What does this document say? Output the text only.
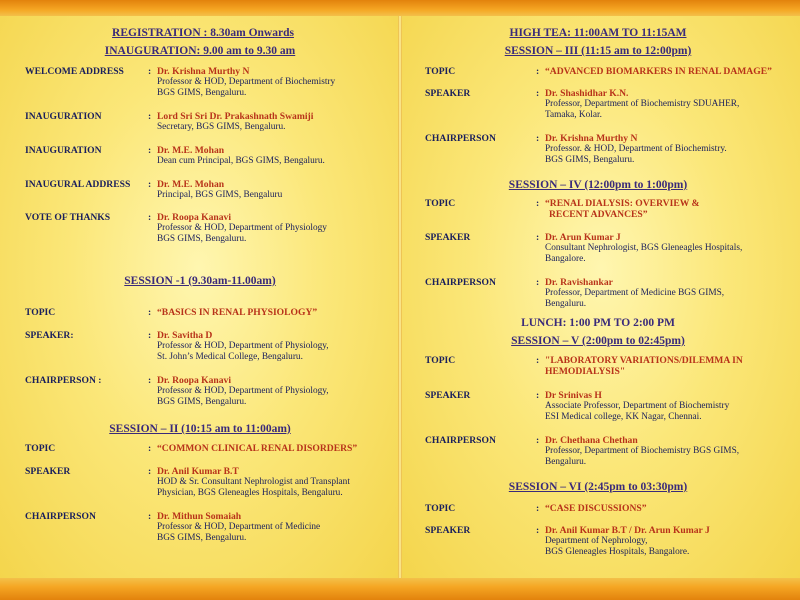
REGISTRATION : 8.30am Onwards
INAUGURATION: 9.00 am to 9.30 am
WELCOME ADDRESS	: Dr. Krishna Murthy N
Professor & HOD, Department of Biochemistry
BGS GIMS, Bengaluru.
INAUGURATION	: Lord Sri Sri Dr. Prakashnath Swamiji
Secretary, BGS GIMS, Bengaluru.
INAUGURATION	: Dr. M.E. Mohan
Dean cum Principal, BGS GIMS, Bengaluru.
INAUGURAL ADDRESS : Dr. M.E. Mohan
Principal, BGS GIMS, Bengaluru
VOTE OF THANKS	: Dr. Roopa Kanavi
Professor & HOD, Department of Physiology
BGS GIMS, Bengaluru.
SESSION -1 (9.30am-11.00am)
TOPIC	: “BASICS IN RENAL PHYSIOLOGY”
SPEAKER:	: Dr. Savitha D
Professor & HOD, Department of Physiology,
St. John’s Medical College, Bengaluru.
CHAIRPERSON :	: Dr. Roopa Kanavi
Professor & HOD, Department of Physiology,
BGS GIMS, Bengaluru.
SESSION – II (10:15 am to 11:00am)
TOPIC	: “COMMON CLINICAL RENAL DISORDERS”
SPEAKER	: Dr. Anil Kumar B.T
HOD & Sr. Consultant Nephrologist and Transplant
Physician, BGS Gleneagles Hospitals, Bengaluru.
CHAIRPERSON	: Dr. Mithun Somaiah
Professor & HOD, Department of Medicine
BGS GIMS, Bengaluru.
HIGH TEA: 11:00AM TO 11:15AM
SESSION – III (11:15 am to 12:00pm)
TOPIC	: “ADVANCED BIOMARKERS IN RENAL DAMAGE”
SPEAKER	: Dr. Shashidhar K.N.
Professor, Department of Biochemistry SDUAHER,
Tamaka, Kolar.
CHAIRPERSON	: Dr. Krishna Murthy N
Professor. & HOD, Department of Biochemistry.
BGS GIMS, Bengaluru.
SESSION – IV (12:00pm to 1:00pm)
TOPIC	: “RENAL DIALYSIS: OVERVIEW &
RECENT ADVANCES”
SPEAKER	: Dr. Arun Kumar J
Consultant Nephrologist, BGS Gleneagles Hospitals,
Bangalore.
CHAIRPERSON	: Dr. Ravishankar
Professor, Department of Medicine BGS GIMS,
Bengaluru.
LUNCH: 1:00 PM TO 2:00 PM
SESSION – V (2:00pm to 02:45pm)
TOPIC	: "LABORATORY VARIATIONS/DILEMMA IN
HEMODIALYSIS"
SPEAKER	: Dr Srinivas H
Associate Professor, Department of Biochemistry
ESI Medical college, KK Nagar, Chennai.
CHAIRPERSON	: Dr. Chethana Chethan
Professor, Department of Biochemistry BGS GIMS,
Bengaluru.
SESSION – VI (2:45pm to 03:30pm)
TOPIC	: “CASE DISCUSSIONS”
SPEAKER	: Dr. Anil Kumar B.T / Dr. Arun Kumar J
Department of Nephrology,
BGS Gleneagles Hospitals, Bangalore.
